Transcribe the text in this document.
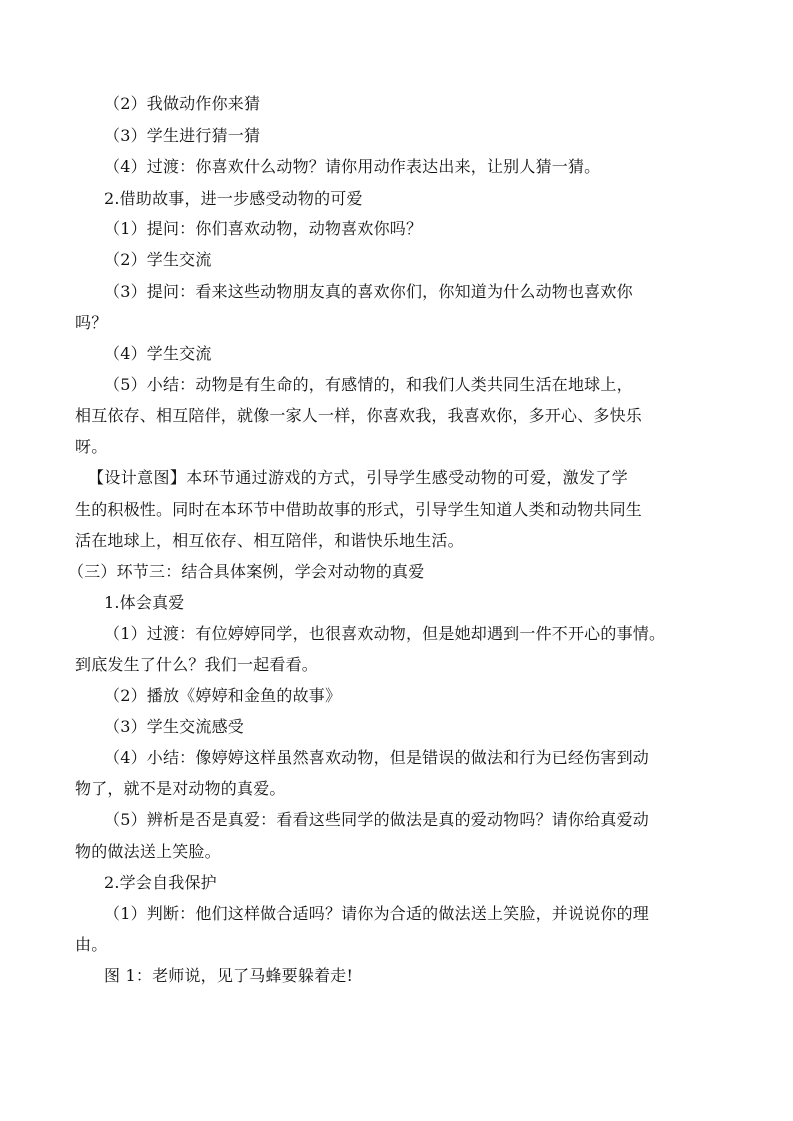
（2）我做动作你来猜
（3）学生进行猜一猜
（4）过渡：你喜欢什么动物？请你用动作表达出来，让别人猜一猜。
2.借助故事，进一步感受动物的可爱
（1）提问：你们喜欢动物，动物喜欢你吗？
（2）学生交流
（3）提问：看来这些动物朋友真的喜欢你们，你知道为什么动物也喜欢你
吗？
（4）学生交流
（5）小结：动物是有生命的，有感情的，和我们人类共同生活在地球上，
相互依存、相互陪伴，就像一家人一样，你喜欢我，我喜欢你，多开心、多快乐
呀。
【设计意图】本环节通过游戏的方式，引导学生感受动物的可爱，激发了学
生的积极性。同时在本环节中借助故事的形式，引导学生知道人类和动物共同生
活在地球上，相互依存、相互陪伴，和谐快乐地生活。
（三）环节三：结合具体案例，学会对动物的真爱
1.体会真爱
（1）过渡：有位婷婷同学，也很喜欢动物，但是她却遇到一件不开心的事情。
到底发生了什么？我们一起看看。
（2）播放《婷婷和金鱼的故事》
（3）学生交流感受
（4）小结：像婷婷这样虽然喜欢动物，但是错误的做法和行为已经伤害到动
物了，就不是对动物的真爱。
（5）辨析是否是真爱：看看这些同学的做法是真的爱动物吗？请你给真爱动
物的做法送上笑脸。
2.学会自我保护
（1）判断：他们这样做合适吗？请你为合适的做法送上笑脸，并说说你的理
由。
图 1：老师说，见了马蜂要躲着走!
